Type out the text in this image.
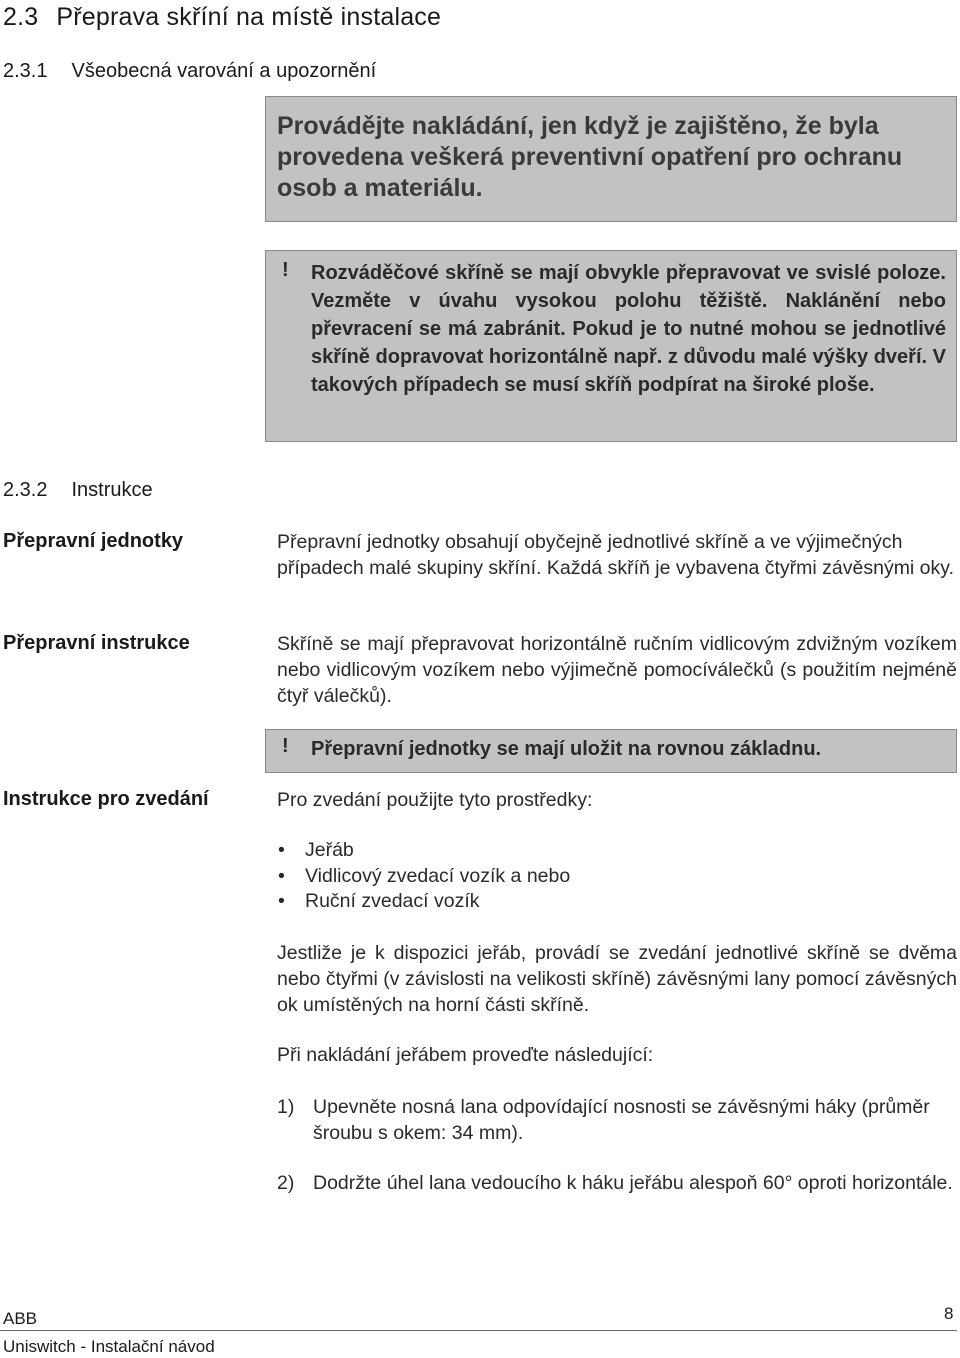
2.3 Přeprava skříní na místě instalace
2.3.1 Všeobecná varování a upozornění
Provádějte nakládání, jen když je zajištěno, že byla provedena veškerá preventivní opatření pro ochranu osob a materiálu.
! Rozváděčové skříně se mají obvykle přepravovat ve svislé poloze. Vezměte v úvahu vysokou polohu těžiště. Naklánění nebo převracení se má zabránit. Pokud je to nutné mohou se jednotlivé skříně dopravovat horizontálně např. z důvodu malé výšky dveří. V takových případech se musí skříň podpírat na široké ploše.
2.3.2 Instrukce
Přepravní jednotky	Přepravní jednotky obsahují obyčejně jednotlivé skříně a ve výjimečných případech malé skupiny skříní. Každá skříň je vybavena čtyřmi závěsnými oky.
Přepravní instrukce	Skříně se mají přepravovat horizontálně ručním vidlicovým zdvižným vozíkem nebo vidlicovým vozíkem nebo výjimečně pomocíválečků (s použitím nejméně čtyř válečků).
! Přepravní jednotky se mají uložit na rovnou základnu.
Instrukce pro zvedání	Pro zvedání použijte tyto prostředky:
• Jeřáb
• Vidlicový zvedací vozík a nebo
• Ruční zvedací vozík
Jestliže je k dispozici jeřáb, provádí se zvedání jednotlivé skříně se dvěma nebo čtyřmi (v závislosti na velikosti skříně) závěsnými lany pomocí závěsných ok umístěných na horní části skříně.
Při nakládání jeřábem proveďte následující:
1) Upevněte nosná lana odpovídající nosnosti se závěsnými háky (průměr šroubu s okem: 34 mm).
2) Dodržte úhel lana vedoucího k háku jeřábu alespoň 60° oproti horizontále.
ABB	8
Uniswitch - Instalační návod
